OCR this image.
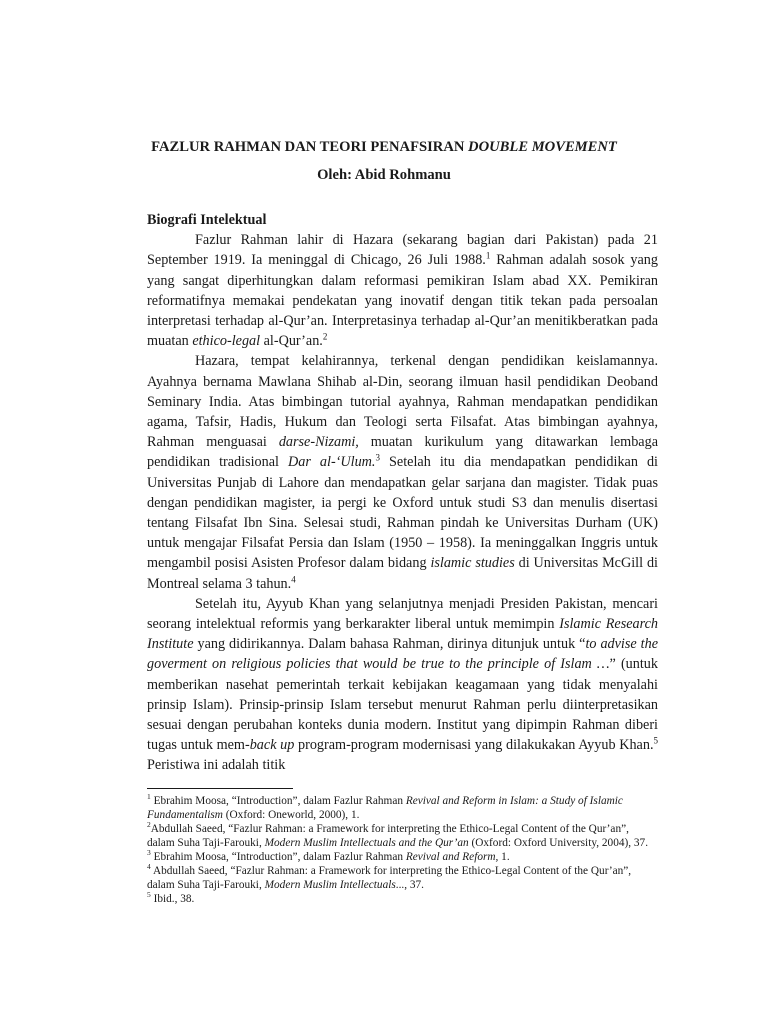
FAZLUR RAHMAN DAN TEORI PENAFSIRAN DOUBLE MOVEMENT
Oleh: Abid Rohmanu
Biografi Intelektual

Fazlur Rahman lahir di Hazara (sekarang bagian dari Pakistan) pada 21 September 1919. Ia meninggal di Chicago, 26 Juli 1988.$^1$ Rahman adalah sosok yang yang sangat diperhitungkan dalam reformasi pemikiran Islam abad XX. Pemikiran reformatifnya memakai pendekatan yang inovatif dengan titik tekan pada persoalan interpretasi terhadap al-Qur’an. Interpretasinya terhadap al-Qur’an menitikberatkan pada muatan ethico-legal al-Qur’an.$^2$

Hazara, tempat kelahirannya, terkenal dengan pendidikan keislamannya. Ayahnya bernama Mawlana Shihab al-Din, seorang ilmuan hasil pendidikan Deoband Seminary India. Atas bimbingan tutorial ayahnya, Rahman mendapatkan pendidikan agama, Tafsir, Hadis, Hukum dan Teologi serta Filsafat. Atas bimbingan ayahnya, Rahman menguasai darse-Nizami, muatan kurikulum yang ditawarkan lembaga pendidikan tradisional Dar al-‘Ulum.$^3$ Setelah itu dia mendapatkan pendidikan di Universitas Punjab di Lahore dan mendapatkan gelar sarjana dan magister. Tidak puas dengan pendidikan magister, ia pergi ke Oxford untuk studi S3 dan menulis disertasi tentang Filsafat Ibn Sina. Selesai studi, Rahman pindah ke Universitas Durham (UK) untuk mengajar Filsafat Persia dan Islam (1950 – 1958). Ia meninggalkan Inggris untuk mengambil posisi Asisten Profesor dalam bidang islamic studies di Universitas McGill di Montreal selama 3 tahun.$^4$

Setelah itu, Ayyub Khan yang selanjutnya menjadi Presiden Pakistan, mencari seorang intelektual reformis yang berkarakter liberal untuk memimpin Islamic Research Institute yang didirikannya. Dalam bahasa Rahman, dirinya ditunjuk untuk “to advise the goverment on religious policies that would be true to the principle of Islam …” (untuk memberikan nasehat pemerintah terkait kebijakan keagamaan yang tidak menyalahi prinsip Islam). Prinsip-prinsip Islam tersebut menurut Rahman perlu diinterpretasikan sesuai dengan perubahan konteks dunia modern. Institut yang dipimpin Rahman diberi tugas untuk mem-back up program-program modernisasi yang dilakukakan Ayyub Khan.$^5$ Peristiwa ini adalah titik

$^1$ Ebrahim Moosa, “Introduction”, dalam Fazlur Rahman Revival and Reform in Islam: a Study of Islamic Fundamentalism (Oxford: Oneworld, 2000), 1.
$^2$Abdullah Saeed, “Fazlur Rahman: a Framework for interpreting the Ethico-Legal Content of the Qur’an”, dalam Suha Taji-Farouki, Modern Muslim Intellectuals and the Qur’an (Oxford: Oxford University, 2004), 37.
$^3$ Ebrahim Moosa, “Introduction”, dalam Fazlur Rahman Revival and Reform, 1.
$^4$ Abdullah Saeed, “Fazlur Rahman: a Framework for interpreting the Ethico-Legal Content of the Qur’an”, dalam Suha Taji-Farouki, Modern Muslim Intellectuals..., 37.
$^5$ Ibid., 38.
